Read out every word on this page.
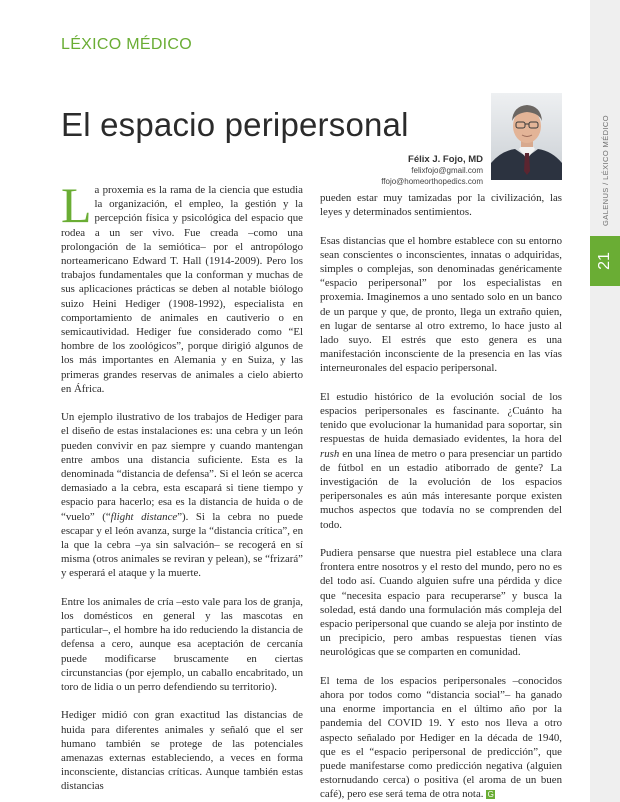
GALENUS / LÉXICO MÉDICO
21
LÉXICO MÉDICO
El espacio peripersonal
Félix J. Fojo, MD
felixfojo@gmail.com
ffojo@homeorthopedics.com

La proxemia es la rama de la ciencia que estudia la organización, el empleo, la gestión y la percepción física y psicológica del espacio que rodea a un ser vivo. Fue creada –como una prolongación de la semiótica– por el antropólogo norteamericano Edward T. Hall (1914-2009). Pero los trabajos fundamentales que la conforman y muchas de sus aplicaciones prácticas se deben al notable biólogo suizo Heini Hediger (1908-1992), especialista en comportamiento de animales en cautiverio o en semicautividad. Hediger fue considerado como “El hombre de los zoológicos”, porque dirigió algunos de los más importantes en Alemania y en Suiza, y las primeras grandes reservas de animales a cielo abierto en África.

Un ejemplo ilustrativo de los trabajos de Hediger para el diseño de estas instalaciones es: una cebra y un león pueden convivir en paz siempre y cuando mantengan entre ambos una distancia suficiente. Esta es la denominada “distancia de defensa”. Si el león se acerca demasiado a la cebra, esta escapará si tiene tiempo y espacio para hacerlo; esa es la distancia de huida o de “vuelo” (“flight distance”). Si la cebra no puede escapar y el león avanza, surge la “distancia crítica”, en la que la cebra –ya sin salvación– se recogerá en sí misma (otros animales se reviran y pelean), se “frizará” y esperará el ataque y la muerte.

Entre los animales de cría –esto vale para los de granja, los domésticos en general y las mascotas en particular–, el hombre ha ido reduciendo la distancia de defensa a cero, aunque esa aceptación de cercanía puede modificarse bruscamente en ciertas circunstancias (por ejemplo, un caballo encabritado, un toro de lidia o un perro defendiendo su territorio).

Hediger midió con gran exactitud las distancias de huida para diferentes animales y señaló que el ser humano también se protege de las potenciales amenazas externas estableciendo, a veces en forma inconsciente, distancias críticas. Aunque también estas distancias

pueden estar muy tamizadas por la civilización, las leyes y determinados sentimientos.

Esas distancias que el hombre establece con su entorno sean conscientes o inconscientes, innatas o adquiridas, simples o complejas, son denominadas genéricamente “espacio peripersonal” por los especialistas en proxemia. Imaginemos a uno sentado solo en un banco de un parque y que, de pronto, llega un extraño quien, en lugar de sentarse al otro extremo, lo hace justo al lado suyo. El estrés que esto genera es una manifestación inconsciente de la presencia en las vías interneuronales del espacio peripersonal.

El estudio histórico de la evolución social de los espacios peripersonales es fascinante. ¿Cuánto ha tenido que evolucionar la humanidad para soportar, sin respuestas de huida demasiado evidentes, la hora del rush en una línea de metro o para presenciar un partido de fútbol en un estadio atiborrado de gente? La investigación de la evolución de los espacios peripersonales es aún más interesante porque existen muchos aspectos que todavía no se comprenden del todo.

Pudiera pensarse que nuestra piel establece una clara frontera entre nosotros y el resto del mundo, pero no es del todo así. Cuando alguien sufre una pérdida y dice que “necesita espacio para recuperarse” y busca la soledad, está dando una formulación más compleja del espacio peripersonal que cuando se aleja por instinto de un precipicio, pero ambas respuestas tienen vías neurológicas que se comparten en comunidad.

El tema de los espacios peripersonales –conocidos ahora por todos como “distancia social”– ha ganado una enorme importancia en el último año por la pandemia del COVID 19. Y esto nos lleva a otro aspecto señalado por Hediger en la década de 1940, que es el “espacio peripersonal de predicción”, que puede manifestarse como predicción negativa (alguien estornudando cerca) o positiva (el aroma de un buen café), pero ese será tema de otra nota. G
